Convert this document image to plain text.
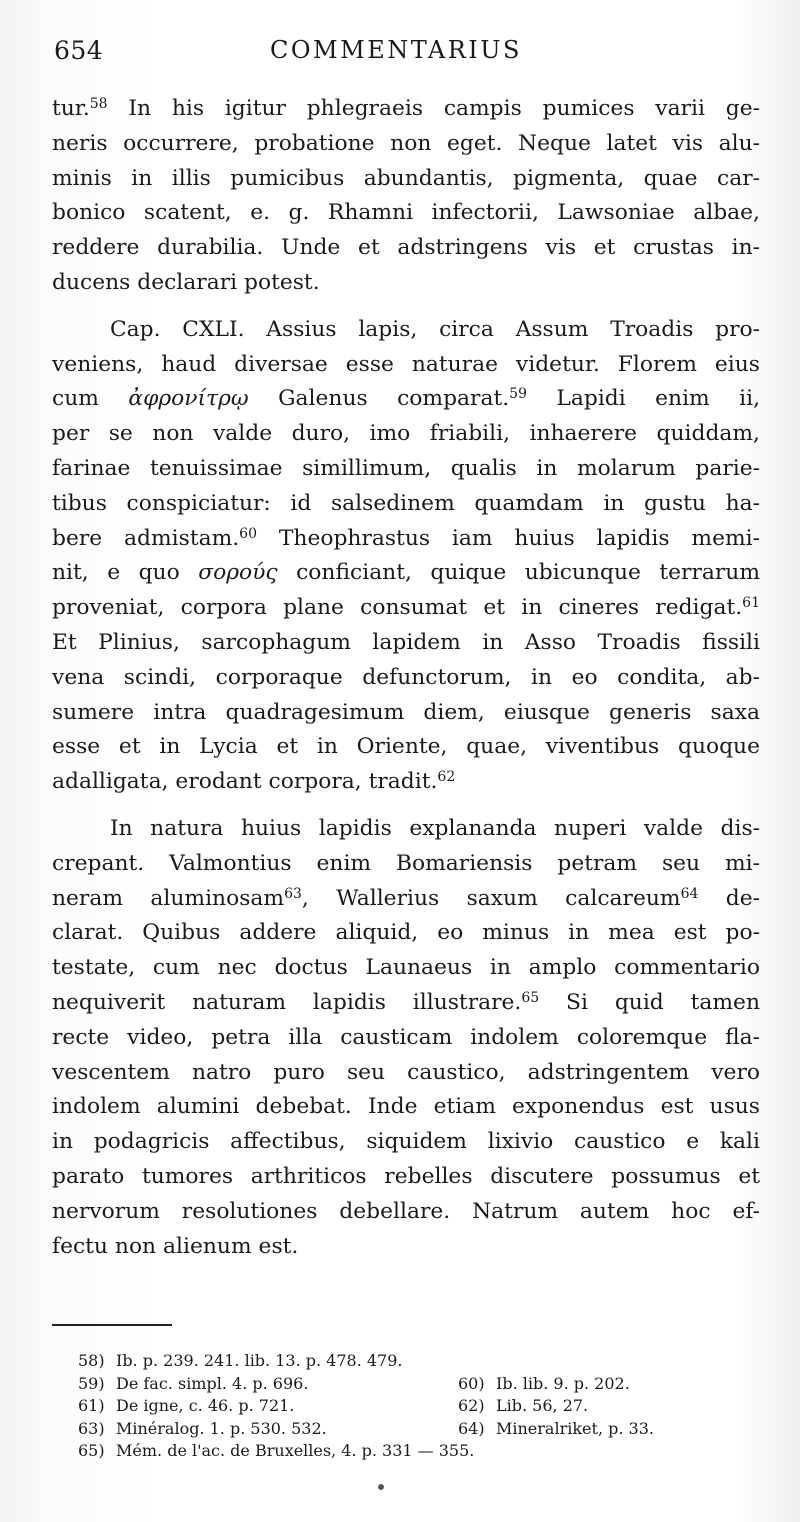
654	COMMENTARIUS
tur.$^{58}$ In his igitur phlegraeis campis pumices varii ge-
neris occurrere, probatione non eget. Neque latet vis alu-
minis in illis pumicibus abundantis, pigmenta, quae car-
bonico scatent, e. g. Rhamni infectorii, Lawsoniae albae,
reddere durabilia. Unde et adstringens vis et crustas in-
ducens declarari potest.
Cap. CXLI. Assius lapis, circa Assum Troadis pro-
veniens, haud diversae esse naturae videtur. Florem eius
cum ἀφρονίτρῳ Galenus comparat.$^{59}$ Lapidi enim ii,
per se non valde duro, imo friabili, inhaerere quiddam,
farinae tenuissimae simillimum, qualis in molarum parie-
tibus conspiciatur: id salsedinem quamdam in gustu ha-
bere admistam.$^{60}$ Theophrastus iam huius lapidis memi-
nit, e quo σορούς conficiant, quique ubicunque terrarum
proveniat, corpora plane consumat et in cineres redigat.$^{61}$
Et Plinius, sarcophagum lapidem in Asso Troadis fissili
vena scindi, corporaque defunctorum, in eo condita, ab-
sumere intra quadragesimum diem, eiusque generis saxa
esse et in Lycia et in Oriente, quae, viventibus quoque
adalligata, erodant corpora, tradit.$^{62}$
In natura huius lapidis explananda nuperi valde dis-
crepant. Valmontius enim Bomariensis petram seu mi-
neram aluminosam$^{63}$, Wallerius saxum calcareum$^{64}$ de-
clarat. Quibus addere aliquid, eo minus in mea est po-
testate, cum nec doctus Launaeus in amplo commentario
nequiverit naturam lapidis illustrare.$^{65}$ Si quid tamen
recte video, petra illa causticam indolem coloremque fla-
vescentem natro puro seu caustico, adstringentem vero
indolem alumini debebat. Inde etiam exponendus est usus
in podagricis affectibus, siquidem lixivio caustico e kali
parato tumores arthriticos rebelles discutere possumus et
nervorum resolutiones debellare. Natrum autem hoc ef-
fectu non alienum est.
58) Ib. p. 239. 241. lib. 13. p. 478. 479.
59) De fac. simpl. 4. p. 696.	60) Ib. lib. 9. p. 202.
61) De igne, c. 46. p. 721.	62) Lib. 56, 27.
63) Minéralog. 1. p. 530. 532.	64) Mineralriket, p. 33.
65) Mém. de l'ac. de Bruxelles, 4. p. 331 — 355.
